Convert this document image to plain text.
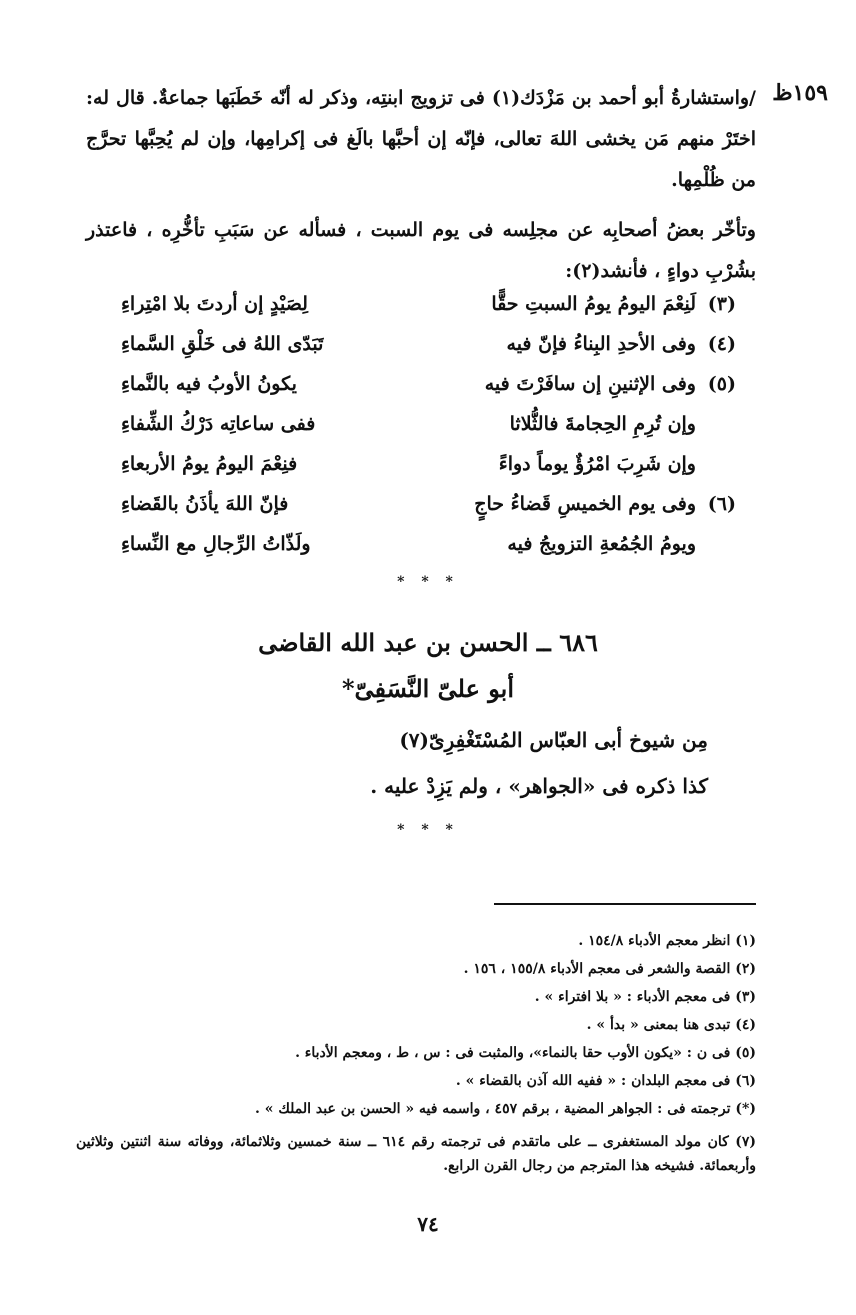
١٥٩ظ
/واستشارةُ أبو أحمد بن مَزْدَك(١) فى تزويج ابنتِه، وذكر له أنّه خَطَبَها جماعةٌ. قال له: اختَرْ منهم مَن يخشى اللهَ تعالى، فإنّه إن أحبَّها بالَغ فى إكرامِها، وإن لم يُحِبَّها تحرَّج من ظُلْمِها.
وتأخّر بعضُ أصحابِه عن مجلِسه فى يوم السبت ، فسأله عن سَبَبِ تأخُّرِه ، فاعتذر بشُرْبِ دواءٍ ، فأنشد(٢):
لَنِعْمَ اليومُ يومُ السبتِ حقًّا
لِصَيْدٍ إن أردتَ بلا امْتِراءِ	(٣)
وفى الأحدِ البِناءُ فإنّ فيه
تَبَدّى اللهُ فى خَلْقِ السَّماءِ	(٤)
وفى الإثنينِ إن سافَرْتَ فيه
يكونُ الأوبُ فيه بالنَّماءِ	(٥)
وإن تُرِمِ الحِجامةَ فالثُّلاثا
ففى ساعاتِه دَرْكُ الشِّفاءِ
وإن شَرِبَ امْرُؤٌ يوماً دواءً
فنِعْمَ اليومُ يومُ الأربعاءِ
وفى يوم الخميسِ قَضاءُ حاجٍ
فإنّ اللهَ يأذَنُ بالقَضاءِ	(٦)
ويومُ الجُمُعةِ التزويجُ فيه
ولَذّاتُ الرِّجالِ مع النِّساءِ
* * *
٦٨٦ ــ الحسن بن عبد الله القاضى
أبو علىّ النَّسَفِىّ*
مِن شيوخ أبى العبّاس المُسْتَغْفِرِىّ(٧)
كذا ذكره فى «الجواهر» ، ولم يَزِدْ عليه .
* * *
(١) انظر معجم الأدباء ١٥٤/٨ .
(٢) القصة والشعر فى معجم الأدباء ١٥٥/٨ ، ١٥٦ .
(٣) فى معجم الأدباء : « بلا افتراء » .
(٤) تبدى هنا بمعنى « بدأ » .
(٥) فى ن : «يكون الأوب حقا بالنماء»، والمثبت فى : س ، ط ، ومعجم الأدباء .
(٦) فى معجم البلدان : « ففيه الله آذن بالقضاء » .
(*) ترجمته فى : الجواهر المضية ، برقم ٤٥٧ ، واسمه فيه « الحسن بن عبد الملك » .
(٧) كان مولد المستغفرى ــ على ماتقدم فى ترجمته رقم ٦١٤ ــ سنة خمسين وثلاثمائة، ووفاته سنة اثنتين وثلاثين وأربعمائة. فشيخه هذا المترجم من رجال القرن الرابع.
٧٤
